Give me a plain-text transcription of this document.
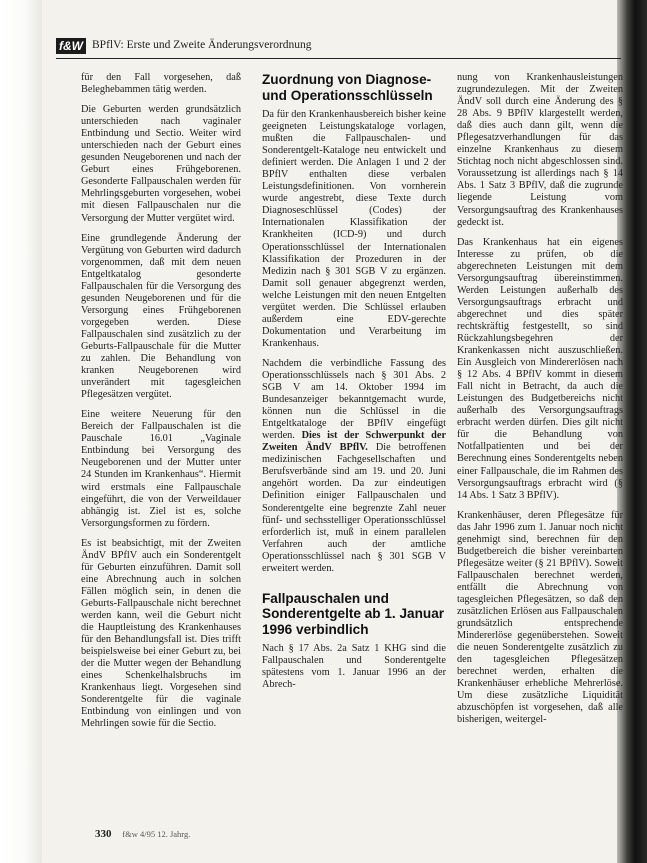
f&W BPflV: Erste und Zweite Änderungsverordnung

für den Fall vorgesehen, daß Beleghebammen tätig werden.

Die Geburten werden grundsätzlich unterschieden nach vaginaler Entbindung und Sectio. Weiter wird unterschieden nach der Geburt eines gesunden Neugeborenen und nach der Geburt eines Frühgeborenen. Gesonderte Fallpauschalen werden für Mehrlingsgeburten vorgesehen, wobei mit diesen Fallpauschalen nur die Versorgung der Mutter vergütet wird.

Eine grundlegende Änderung der Vergütung von Geburten wird dadurch vorgenommen, daß mit dem neuen Entgeltkatalog gesonderte Fallpauschalen für die Versorgung des gesunden Neugeborenen und für die Versorgung eines Frühgeborenen vorgegeben werden. Diese Fallpauschalen sind zusätzlich zu der Geburts-Fallpauschale für die Mutter zu zahlen. Die Behandlung von kranken Neugeborenen wird unverändert mit tagesgleichen Pflegesätzen vergütet.

Eine weitere Neuerung für den Bereich der Fallpauschalen ist die Pauschale 16.01 „Vaginale Entbindung bei Versorgung des Neugeborenen und der Mutter unter 24 Stunden im Krankenhaus“. Hiermit wird erstmals eine Fallpauschale eingeführt, die von der Verweildauer abhängig ist. Ziel ist es, solche Versorgungsformen zu fördern.

Es ist beabsichtigt, mit der Zweiten ÄndV BPflV auch ein Sonderentgelt für Geburten einzuführen. Damit soll eine Abrechnung auch in solchen Fällen möglich sein, in denen die Geburts-Fallpauschale nicht berechnet werden kann, weil die Geburt nicht die Hauptleistung des Krankenhauses für den Behandlungsfall ist. Dies trifft beispielsweise bei einer Geburt zu, bei der die Mutter wegen der Behandlung eines Schenkelhalsbruchs im Krankenhaus liegt. Vorgesehen sind Sonderentgelte für die vaginale Entbindung von einlingen und von Mehrlingen sowie für die Sectio.

Zuordnung von Diagnose- und Operationsschlüsseln

Da für den Krankenhausbereich bisher keine geeigneten Leistungskataloge vorlagen, mußten die Fallpauschalen- und Sonderentgelt-Kataloge neu entwickelt und definiert werden. Die Anlagen 1 und 2 der BPflV enthalten diese verbalen Leistungsdefinitionen. Von vornherein wurde angestrebt, diese Texte durch Diagnoseschlüssel (Codes) der Internationalen Klassifikation der Krankheiten (ICD-9) und durch Operationsschlüssel der Internationalen Klassifikation der Prozeduren in der Medizin nach § 301 SGB V zu ergänzen. Damit soll genauer abgegrenzt werden, welche Leistungen mit den neuen Entgelten vergütet werden. Die Schlüssel erlauben außerdem eine EDV-gerechte Dokumentation und Verarbeitung im Krankenhaus.

Nachdem die verbindliche Fassung des Operationsschlüssels nach § 301 Abs. 2 SGB V am 14. Oktober 1994 im Bundesanzeiger bekanntgemacht wurde, können nun die Schlüssel in die Entgeltkataloge der BPflV eingefügt werden. Dies ist der Schwerpunkt der Zweiten ÄndV BPflV. Die betroffenen medizinischen Fachgesellschaften und Berufsverbände sind am 19. und 20. Juni angehört worden. Da zur eindeutigen Definition einiger Fallpauschalen und Sonderentgelte eine begrenzte Zahl neuer fünf- und sechsstelliger Operationsschlüssel erforderlich ist, muß in einem parallelen Verfahren auch der amtliche Operationsschlüssel nach § 301 SGB V erweitert werden.

Fallpauschalen und Sonderentgelte ab 1. Januar 1996 verbindlich

Nach § 17 Abs. 2a Satz 1 KHG sind die Fallpauschalen und Sonderentgelte spätestens vom 1. Januar 1996 an der Abrech-

nung von Krankenhausleistungen zugrundezulegen. Mit der Zweiten ÄndV soll durch eine Änderung des § 28 Abs. 9 BPflV klargestellt werden, daß dies auch dann gilt, wenn die Pflegesatzverhandlungen für das einzelne Krankenhaus zu diesem Stichtag noch nicht abgeschlossen sind. Voraussetzung ist allerdings nach § 14 Abs. 1 Satz 3 BPflV, daß die zugrunde liegende Leistung vom Versorgungsauftrag des Krankenhauses gedeckt ist.

Das Krankenhaus hat ein eigenes Interesse zu prüfen, ob die abgerechneten Leistungen mit dem Versorgungsauftrag übereinstimmen. Werden Leistungen außerhalb des Versorgungsauftrags erbracht und abgerechnet und dies später rechtskräftig festgestellt, so sind Rückzahlungsbegehren der Krankenkassen nicht auszuschließen. Ein Ausgleich von Mindererlösen nach § 12 Abs. 4 BPflV kommt in diesem Fall nicht in Betracht, da auch die Leistungen des Budgetbereichs nicht außerhalb des Versorgungsauftrags erbracht werden dürfen. Dies gilt nicht für die Behandlung von Notfallpatienten und bei der Berechnung eines Sonderentgelts neben einer Fallpauschale, die im Rahmen des Versorgungsauftrags erbracht wird (§ 14 Abs. 1 Satz 3 BPflV).

Krankenhäuser, deren Pflegesätze für das Jahr 1996 zum 1. Januar noch nicht genehmigt sind, berechnen für den Budgetbereich die bisher vereinbarten Pflegesätze weiter (§ 21 BPflV). Soweit Fallpauschalen berechnet werden, entfällt die Abrechnung von tagesgleichen Pflegesätzen, so daß den zusätzlichen Erlösen aus Fallpauschalen grundsätzlich entsprechende Mindererlöse gegenüberstehen. Soweit die neuen Sonderentgelte zusätzlich zu den tagesgleichen Pflegesätzen berechnet werden, erhalten die Krankenhäuser erhebliche Mehrerlöse. Um diese zusätzliche Liquidität abzuschöpfen ist vorgesehen, daß alle bisherigen, weitergel-

330 f&w 4/95 12. Jahrg.
